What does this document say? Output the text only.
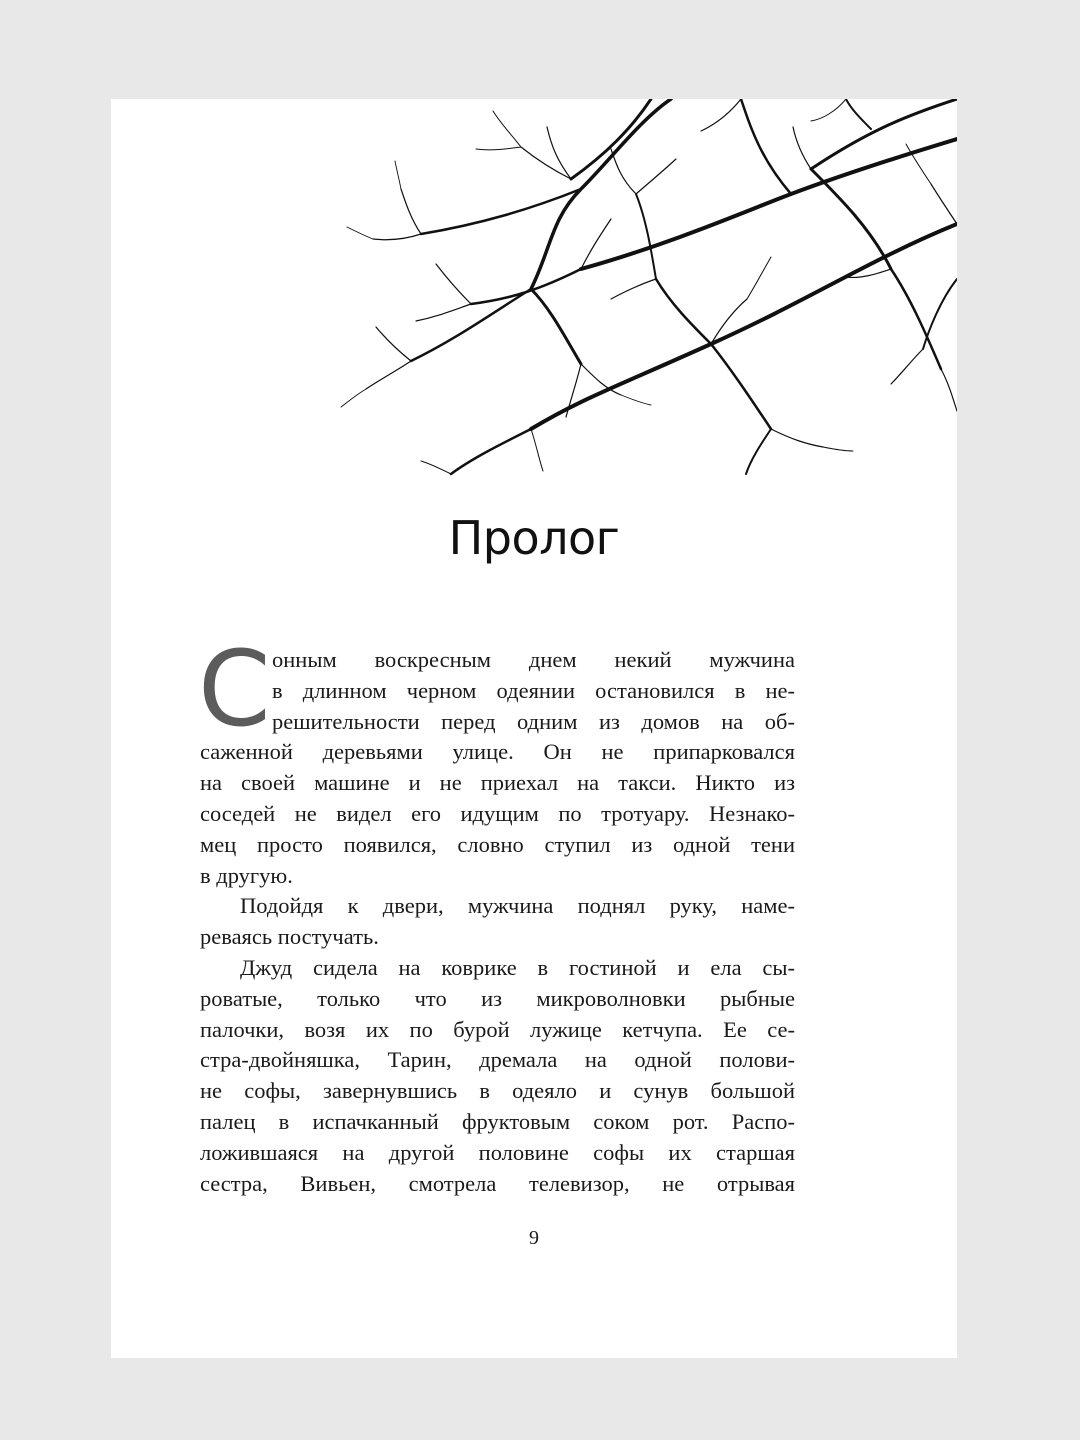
Пролог
С онным воскресным днем некий мужчина
в длинном черном одеянии остановился в не-
решительности перед одним из домов на об-
саженной деревьями улице. Он не припарковался
на своей машине и не приехал на такси. Никто из
соседей не видел его идущим по тротуару. Незнако-
мец просто появился, словно ступил из одной тени
в другую.
Подойдя к двери, мужчина поднял руку, наме-
реваясь постучать.
Джуд сидела на коврике в гостиной и ела сы-
роватые, только что из микроволновки рыбные
палочки, возя их по бурой лужице кетчупа. Ее се-
стра-двойняшка, Тарин, дремала на одной полови-
не софы, завернувшись в одеяло и сунув большой
палец в испачканный фруктовым соком рот. Распо-
ложившаяся на другой половине софы их старшая
сестра, Вивьен, смотрела телевизор, не отрывая
9
